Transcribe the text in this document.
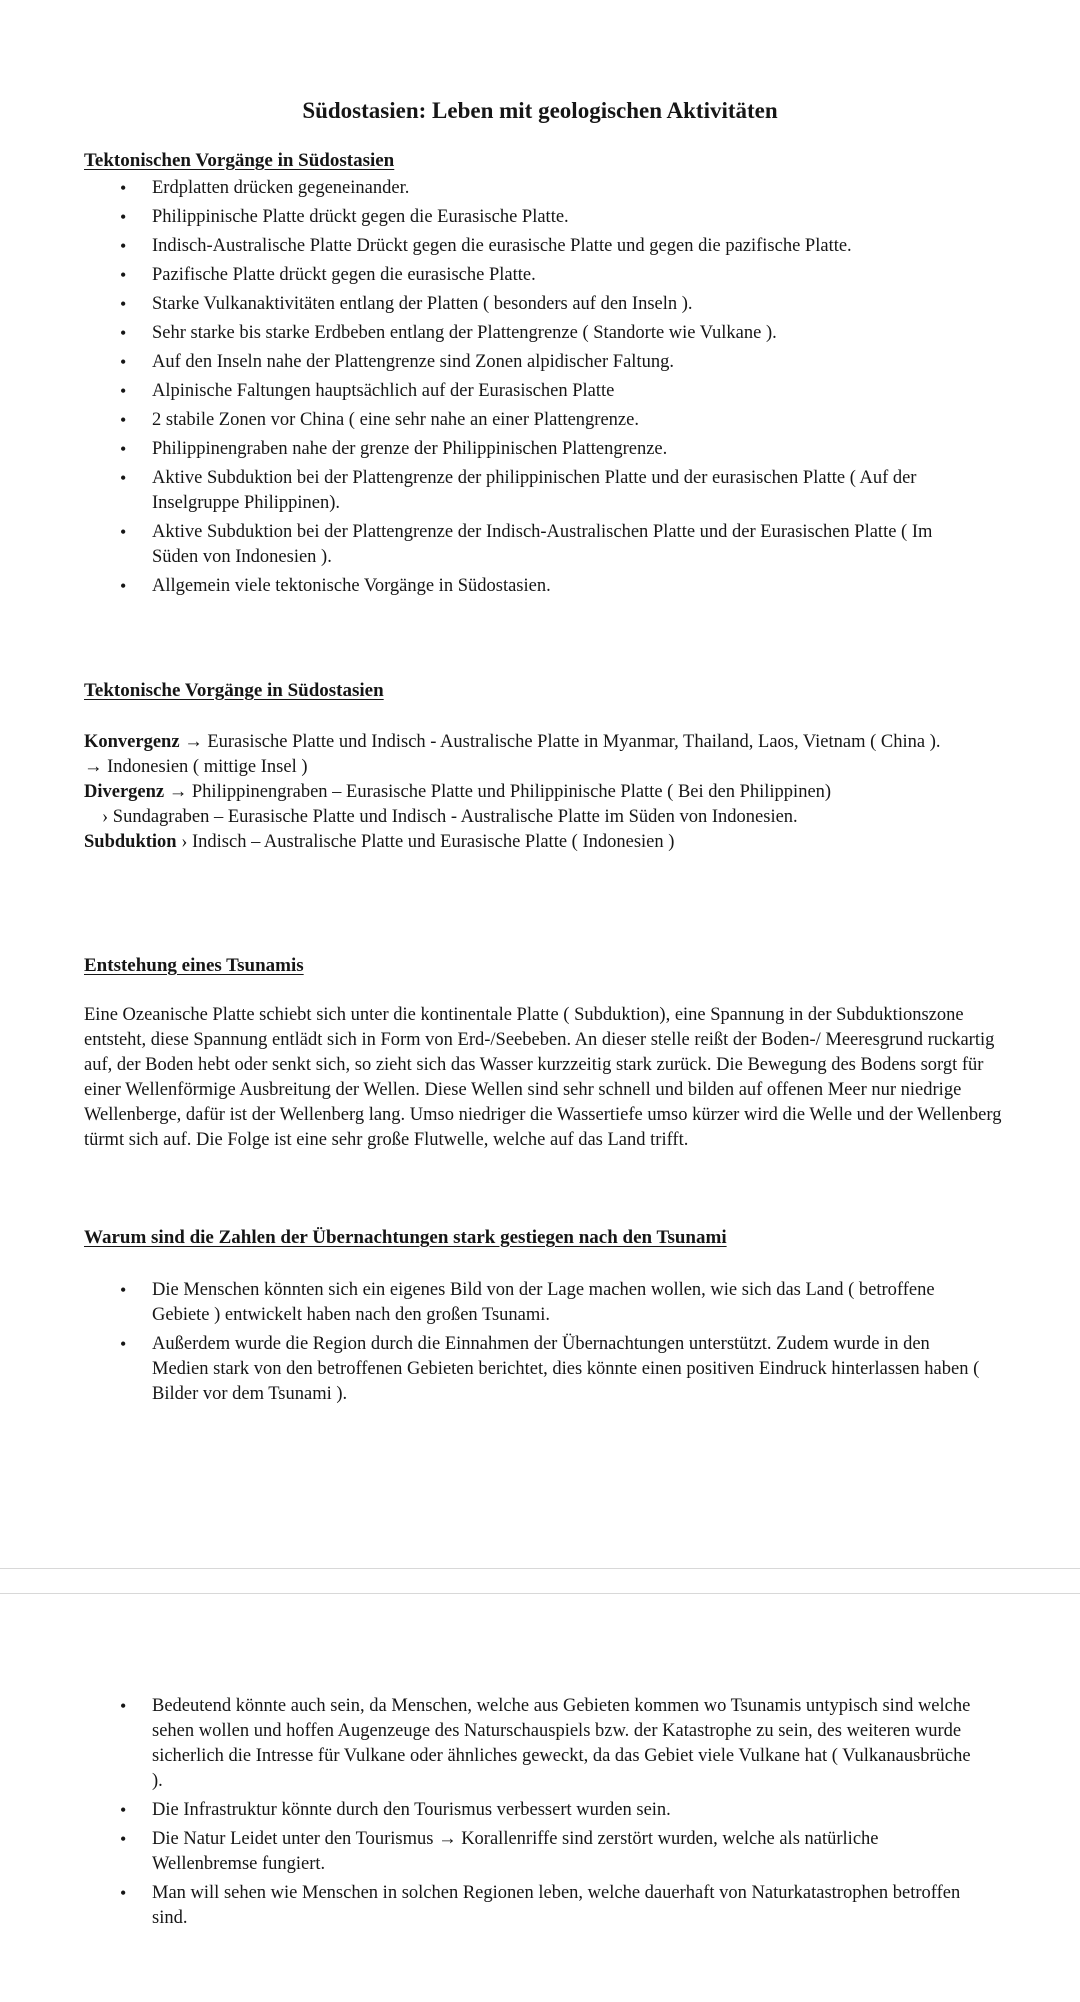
Südostasien: Leben mit geologischen Aktivitäten
Tektonischen Vorgänge in Südostasien
• Erdplatten drücken gegeneinander.
• Philippinische Platte drückt gegen die Eurasische Platte.
• Indisch-Australische Platte Drückt gegen die eurasische Platte und gegen die pazifische Platte.
• Pazifische Platte drückt gegen die eurasische Platte.
• Starke Vulkanaktivitäten entlang der Platten ( besonders auf den Inseln ).
• Sehr starke bis starke Erdbeben entlang der Plattengrenze ( Standorte wie Vulkane ).
• Auf den Inseln nahe der Plattengrenze sind Zonen alpidischer Faltung.
• Alpinische Faltungen hauptsächlich auf der Eurasischen Platte
• 2 stabile Zonen vor China ( eine sehr nahe an einer Plattengrenze.
• Philippinengraben nahe der grenze der Philippinischen Plattengrenze.
• Aktive Subduktion bei der Plattengrenze der philippinischen Platte und der eurasischen Platte ( Auf der Inselgruppe Philippinen).
• Aktive Subduktion bei der Plattengrenze der Indisch-Australischen Platte und der Eurasischen Platte ( Im Süden von Indonesien ).
• Allgemein viele tektonische Vorgänge in Südostasien.
Tektonische Vorgänge in Südostasien

Konvergenz → Eurasische Platte und Indisch - Australische Platte in Myanmar, Thailand, Laos, Vietnam ( China ).

→ Indonesien ( mittige Insel )

Divergenz → Philippinengraben – Eurasische Platte und Philippinische Platte ( Bei den Philippinen)

› Sundagraben – Eurasische Platte und Indisch - Australische Platte im Süden von Indonesien.

Subduktion › Indisch – Australische Platte und Eurasische Platte ( Indonesien )

Entstehung eines Tsunamis

Eine Ozeanische Platte schiebt sich unter die kontinentale Platte ( Subduktion), eine Spannung in der Subduktionszone entsteht, diese Spannung entlädt sich in Form von Erd-/Seebeben. An dieser stelle reißt der Boden-/ Meeresgrund ruckartig auf, der Boden hebt oder senkt sich, so zieht sich das Wasser kurzzeitig stark zurück. Die Bewegung des Bodens sorgt für einer Wellenförmige Ausbreitung der Wellen. Diese Wellen sind sehr schnell und bilden auf offenen Meer nur niedrige Wellenberge, dafür ist der Wellenberg lang. Umso niedriger die Wassertiefe umso kürzer wird die Welle und der Wellenberg türmt sich auf. Die Folge ist eine sehr große Flutwelle, welche auf das Land trifft.

Warum sind die Zahlen der Übernachtungen stark gestiegen nach den Tsunami
• Die Menschen könnten sich ein eigenes Bild von der Lage machen wollen, wie sich das Land ( betroffene Gebiete ) entwickelt haben nach den großen Tsunami.
• Außerdem wurde die Region durch die Einnahmen der Übernachtungen unterstützt. Zudem wurde in den Medien stark von den betroffenen Gebieten berichtet, dies könnte einen positiven Eindruck hinterlassen haben ( Bilder vor dem Tsunami ).
• Bedeutend könnte auch sein, da Menschen, welche aus Gebieten kommen wo Tsunamis untypisch sind welche sehen wollen und hoffen Augenzeuge des Naturschauspiels bzw. der Katastrophe zu sein, des weiteren wurde sicherlich die Intresse für Vulkane oder ähnliches geweckt, da das Gebiet viele Vulkane hat ( Vulkanausbrüche ).
• Die Infrastruktur könnte durch den Tourismus verbessert wurden sein.
• Die Natur Leidet unter den Tourismus → Korallenriffe sind zerstört wurden, welche als natürliche Wellenbremse fungiert.
• Man will sehen wie Menschen in solchen Regionen leben, welche dauerhaft von Naturkatastrophen betroffen sind.
